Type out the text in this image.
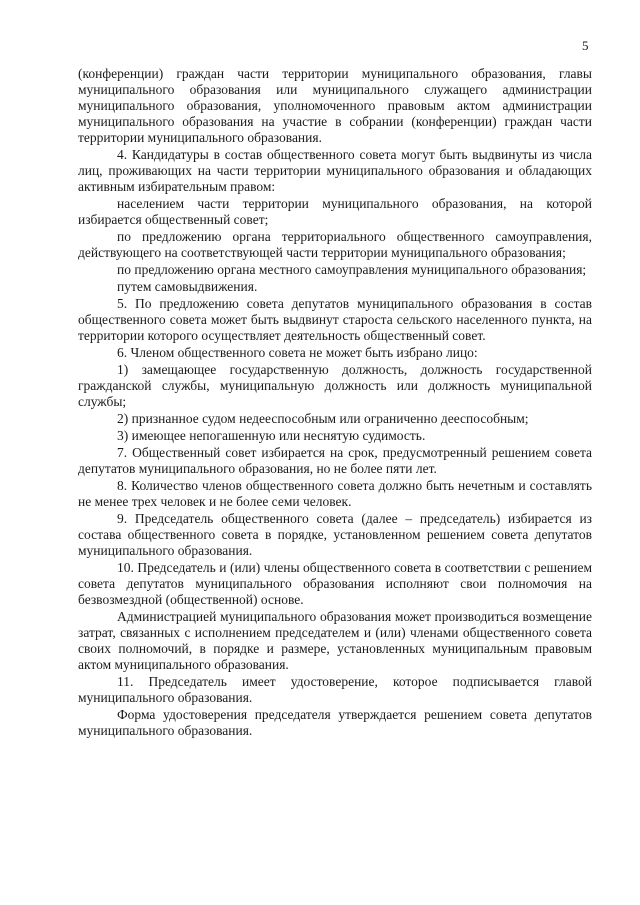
5

(конференции) граждан части территории муниципального образования, главы муниципального образования или муниципального служащего администрации муниципального образования, уполномоченного правовым актом администрации муниципального образования на участие в собрании (конференции) граждан части территории муниципального образования.

4. Кандидатуры в состав общественного совета могут быть выдвинуты из числа лиц, проживающих на части территории муниципального образования и обладающих активным избирательным правом:

населением части территории муниципального образования, на которой избирается общественный совет;

по предложению органа территориального общественного самоуправления, действующего на соответствующей части территории муниципального образования;

по предложению органа местного самоуправления муниципального образования;

путем самовыдвижения.

5. По предложению совета депутатов муниципального образования в состав общественного совета может быть выдвинут староста сельского населенного пункта, на территории которого осуществляет деятельность общественный совет.

6. Членом общественного совета не может быть избрано лицо:

1) замещающее государственную должность, должность государственной гражданской службы, муниципальную должность или должность муниципальной службы;

2) признанное судом недееспособным или ограниченно дееспособным;

3) имеющее непогашенную или неснятую судимость.

7. Общественный совет избирается на срок, предусмотренный решением совета депутатов муниципального образования, но не более пяти лет.

8. Количество членов общественного совета должно быть нечетным и составлять не менее трех человек и не более семи человек.

9. Председатель общественного совета (далее – председатель) избирается из состава общественного совета в порядке, установленном решением совета депутатов муниципального образования.

10. Председатель и (или) члены общественного совета в соответствии с решением совета депутатов муниципального образования исполняют свои полномочия на безвозмездной (общественной) основе.

Администрацией муниципального образования может производиться возмещение затрат, связанных с исполнением председателем и (или) членами общественного совета своих полномочий, в порядке и размере, установленных муниципальным правовым актом муниципального образования.

11. Председатель имеет удостоверение, которое подписывается главой муниципального образования.

Форма удостоверения председателя утверждается решением совета депутатов муниципального образования.
